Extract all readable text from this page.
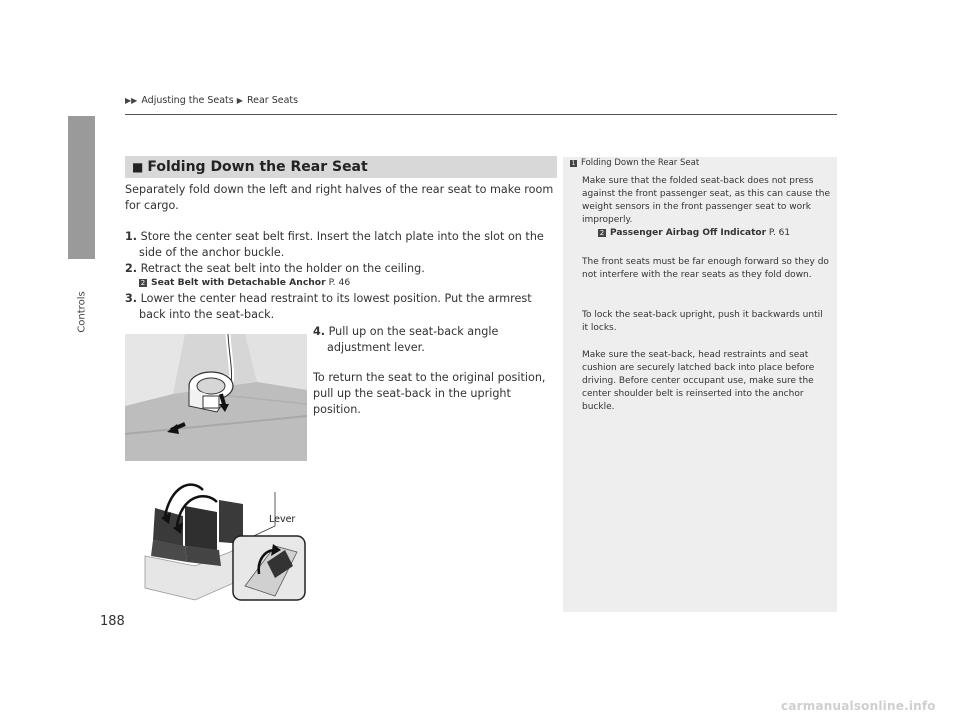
Controls
188
▶▶ Adjusting the Seats ▶ Rear Seats
■ Folding Down the Rear Seat
Separately fold down the left and right halves of the rear seat to make room for cargo.
1. Store the center seat belt first. Insert the latch plate into the slot on the side of the anchor buckle.
2. Retract the seat belt into the holder on the ceiling.
2 Seat Belt with Detachable Anchor P. 46
3. Lower the center head restraint to its lowest position. Put the armrest back into the seat-back.
4. Pull up on the seat-back angle adjustment lever.
To return the seat to the original position, pull up the seat-back in the upright position.
Lever
1 Folding Down the Rear Seat
Make sure that the folded seat-back does not press against the front passenger seat, as this can cause the weight sensors in the front passenger seat to work improperly.
2 Passenger Airbag Off Indicator P. 61
The front seats must be far enough forward so they do not interfere with the rear seats as they fold down.
To lock the seat-back upright, push it backwards until it locks.
Make sure the seat-back, head restraints and seat cushion are securely latched back into place before driving. Before center occupant use, make sure the center shoulder belt is reinserted into the anchor buckle.
carmanualsonline.info
